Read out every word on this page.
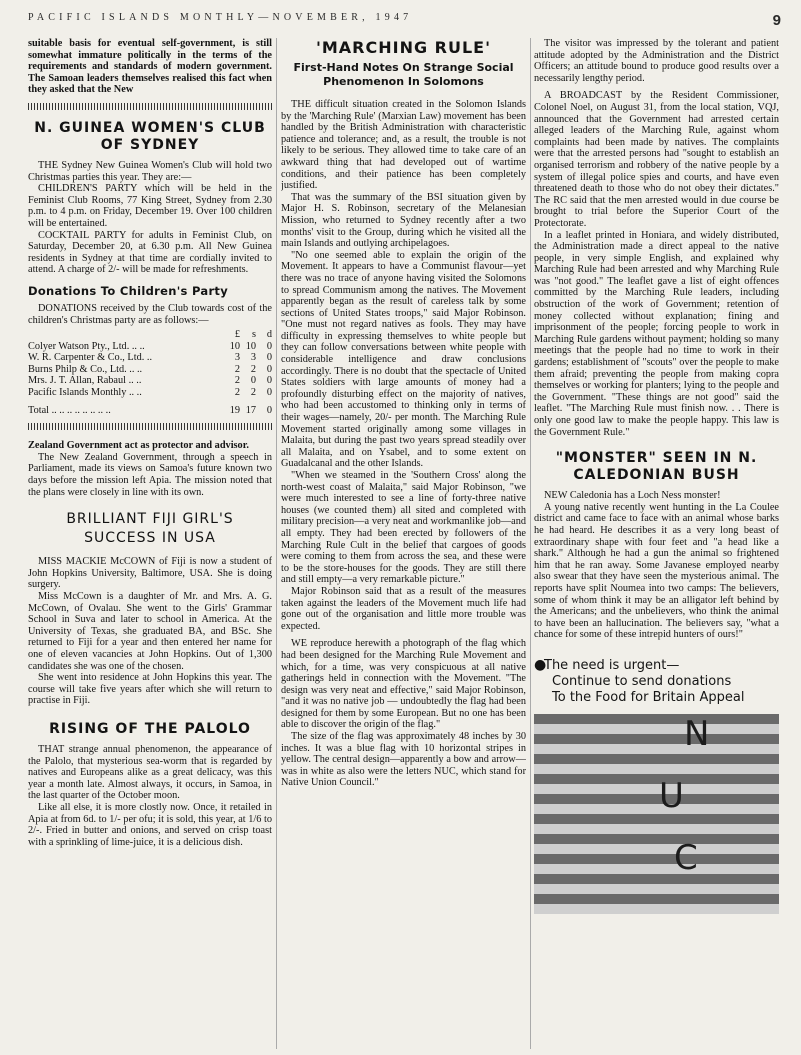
PACIFIC ISLANDS MONTHLY—NOVEMBER, 1947	9

suitable basis for eventual self-government, is still somewhat immature politically in the terms of the requirements and standards of modern government. The Samoan leaders themselves realised this fact when they asked that the New

N. GUINEA WOMEN'S CLUB OF SYDNEY

THE Sydney New Guinea Women's Club will hold two Christmas parties this year. They are:—

CHILDREN'S PARTY which will be held in the Feminist Club Rooms, 77 King Street, Sydney from 2.30 p.m. to 4 p.m. on Friday, December 19. Over 100 children will be entertained.

COCKTAIL PARTY for adults in Feminist Club, on Saturday, December 20, at 6.30 p.m. All New Guinea residents in Sydney at that time are cordially invited to attend. A charge of 2/- will be made for refreshments.

Donations To Children's Party

DONATIONS received by the Club towards cost of the children's Christmas party are as follows:—

	£	s	d
Colyer Watson Pty., Ltd. .. ..	10	10	0
W. R. Carpenter & Co., Ltd. ..	3	3	0
Burns Philp & Co., Ltd. .. ..	2	2	0
Mrs. J. T. Allan, Rabaul .. ..	2	0	0
Pacific Islands Monthly .. ..	2	2	0
Total .. .. .. .. .. .. .. ..	19	17	0

Zealand Government act as protector and advisor.

The New Zealand Government, through a speech in Parliament, made its views on Samoa's future known two days before the mission left Apia. The mission noted that the plans were closely in line with its own.

BRILLIANT FIJI GIRL'S SUCCESS IN USA

MISS MACKIE McCOWN of Fiji is now a student of John Hopkins University, Baltimore, USA. She is doing surgery.

Miss McCown is a daughter of Mr. and Mrs. A. G. McCown, of Ovalau. She went to the Girls' Grammar School in Suva and later to school in America. At the University of Texas, she graduated BA, and BSc. She returned to Fiji for a year and then entered her name for one of eleven vacancies at John Hopkins. Out of 1,300 candidates she was one of the chosen.

She went into residence at John Hopkins this year. The course will take five years after which she will return to practise in Fiji.

RISING OF THE PALOLO

THAT strange annual phenomenon, the appearance of the Palolo, that mysterious sea-worm that is regarded by natives and Europeans alike as a great delicacy, was this year a month late. Almost always, it occurs, in Samoa, in the last quarter of the October moon.

Like all else, it is more clostly now. Once, it retailed in Apia at from 6d. to 1/- per ofu; it is sold, this year, at 1/6 to 2/-. Fried in butter and onions, and served on crisp toast with a sprinkling of lime-juice, it is a delicious dish.

'MARCHING RULE'
First-Hand Notes On Strange Social Phenomenon In Solomons

THE difficult situation created in the Solomon Islands by the 'Marching Rule' (Marxian Law) movement has been handled by the British Administration with characteristic patience and tolerance; and, as a result, the trouble is not likely to be serious. They allowed time to take care of an awkward thing that had developed out of wartime conditions, and their patience has been completely justified.

That was the summary of the BSI situation given by Major H. S. Robinson, secretary of the Melanesian Mission, who returned to Sydney recently after a two months' visit to the Group, during which he visited all the main Islands and outlying archipelagoes.

"No one seemed able to explain the origin of the Movement. It appears to have a Communist flavour—yet there was no trace of anyone having visited the Solomons to spread Communism among the natives. The Movement apparently began as the result of careless talk by some sections of United States troops," said Major Robinson. "One must not regard natives as fools. They may have difficulty in expressing themselves to white people but they can follow conversations between white people with considerable intelligence and draw conclusions accordingly. There is no doubt that the spectacle of United States soldiers with large amounts of money had a profoundly disturbing effect on the majority of natives, who had been accustomed to thinking only in terms of their wages—namely, 20/- per month. The Marching Rule Movement started originally among some villages in Malaita, but during the past two years spread steadily over all Malaita, and on Ysabel, and to some extent on Guadalcanal and the other Islands.

"When we steamed in the 'Southern Cross' along the north-west coast of Malaita," said Major Robinson, "we were much interested to see a line of forty-three native houses (we counted them) all sited and completed with military precision—a very neat and workmanlike job—and all empty. They had been erected by followers of the Marching Rule Cult in the belief that cargoes of goods were coming to them from across the sea, and these were to be the store-houses for the goods. They are still there and still empty—a very remarkable picture."

Major Robinson said that as a result of the measures taken against the leaders of the Movement much life had gone out of the organisation and little more trouble was expected.

WE reproduce herewith a photograph of the flag which had been designed for the Marching Rule Movement and which, for a time, was very conspicuous at all native gatherings held in connection with the Movement. "The design was very neat and effective," said Major Robinson, "and it was no native job — undoubtedly the flag had been designed for them by some European. But no one has been able to discover the origin of the flag."

The size of the flag was approximately 48 inches by 30 inches. It was a blue flag with 10 horizontal stripes in yellow. The central design—apparently a bow and arrow—was in white as also were the letters NUC, which stand for Native Union Council."

The visitor was impressed by the tolerant and patient attitude adopted by the Administration and the District Officers; an attitude bound to produce good results over a necessarily lengthy period.

A BROADCAST by the Resident Commissioner, Colonel Noel, on August 31, from the local station, VQJ, announced that the Government had arrested certain alleged leaders of the Marching Rule, against whom complaints had been made by natives. The complaints were that the arrested persons had "sought to establish an organised terrorism and robbery of the native people by a system of illegal police spies and courts, and have even threatened death to those who do not obey their dictates." The RC said that the men arrested would in due course be brought to trial before the Superior Court of the Protectorate.

In a leaflet printed in Honiara, and widely distributed, the Administration made a direct appeal to the native people, in very simple English, and explained why Marching Rule had been arrested and why Marching Rule was "not good." The leaflet gave a list of eight offences committed by the Marching Rule leaders, including obstruction of the work of Government; retention of money collected without explanation; fining and imprisonment of the people; forcing people to work in Marching Rule gardens without payment; holding so many meetings that the people had no time to work in their gardens; establishment of "scouts" over the people to make them afraid; preventing the people from making copra themselves or working for planters; lying to the people and the Government. "These things are not good" said the leaflet. "The Marching Rule must finish now. . . There is only one good law to make the people happy. This law is the Government Rule."

"MONSTER" SEEN IN N. CALEDONIAN BUSH

NEW Caledonia has a Loch Ness monster!

A young native recently went hunting in the La Coulee district and came face to face with an animal whose barks he had heard. He describes it as a very long beast of extraordinary shape with four feet and "a head like a shark." Although he had a gun the animal so frightened him that he ran away. Some Javanese employed nearby also swear that they have seen the mysterious animal. The reports have split Noumea into two camps: The believers, some of whom think it may be an alligator left behind by the Americans; and the unbelievers, who think the animal to have been an hallucination. The believers say, "what a chance for some of these intrepid hunters of ours!"

●The need is urgent—
Continue to send donations
To the Food for Britain Appeal
N
U
C
